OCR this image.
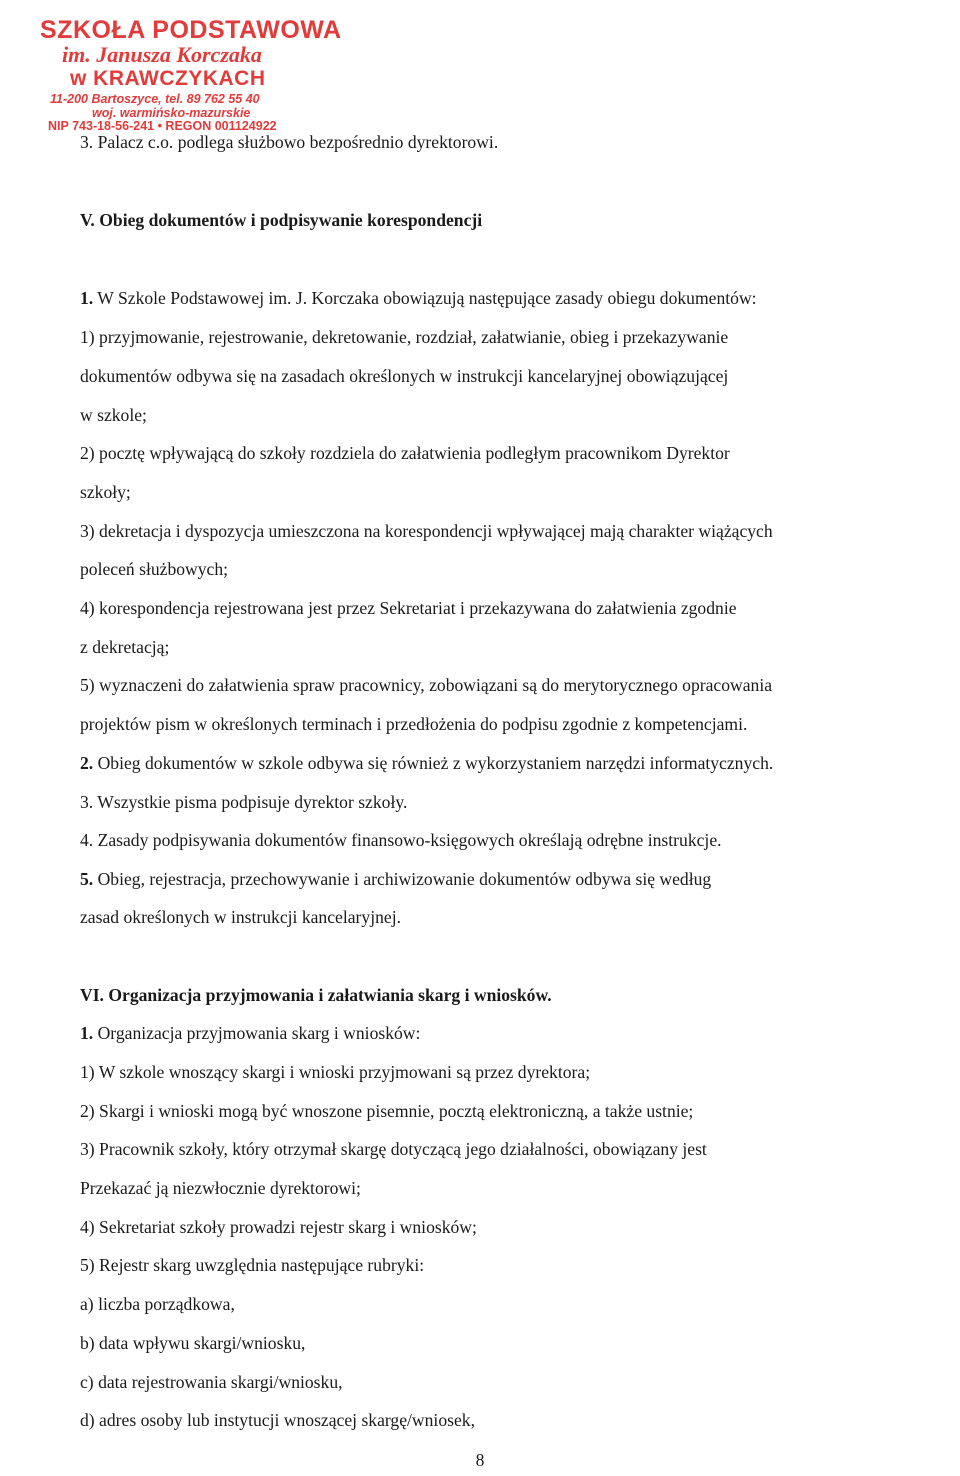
SZKOŁA PODSTAWOWA
im. Janusza Korczaka
w KRAWCZYKACH
11-200 Bartoszyce, tel. 89 762 55 40
woj. warmińsko-mazurskie
NIP 743-18-56-241 • REGON 001124922
3. Palacz c.o. podlega służbowo bezpośrednio dyrektorowi.
V. Obieg dokumentów i podpisywanie korespondencji
1. W Szkole Podstawowej im. J. Korczaka obowiązują następujące zasady obiegu dokumentów:
1) przyjmowanie, rejestrowanie, dekretowanie, rozdział, załatwianie, obieg i przekazywanie
dokumentów odbywa się na zasadach określonych w instrukcji kancelaryjnej obowiązującej
w szkole;
2) pocztę wpływającą do szkoły rozdziela do załatwienia podległym pracownikom Dyrektor
szkoły;
3) dekretacja i dyspozycja umieszczona na korespondencji wpływającej mają charakter wiążących
poleceń służbowych;
4) korespondencja rejestrowana jest przez Sekretariat i przekazywana do załatwienia zgodnie
z dekretacją;
5) wyznaczeni do załatwienia spraw pracownicy, zobowiązani są do merytorycznego opracowania
projektów pism w określonych terminach i przedłożenia do podpisu zgodnie z kompetencjami.
2. Obieg dokumentów w szkole odbywa się również z wykorzystaniem narzędzi informatycznych.
3. Wszystkie pisma podpisuje dyrektor szkoły.
4. Zasady podpisywania dokumentów finansowo-księgowych określają odrębne instrukcje.
5. Obieg, rejestracja, przechowywanie i archiwizowanie dokumentów odbywa się według
zasad określonych w instrukcji kancelaryjnej.
VI. Organizacja przyjmowania i załatwiania skarg i wniosków.
1. Organizacja przyjmowania skarg i wniosków:
1) W szkole wnoszący skargi i wnioski przyjmowani są przez dyrektora;
2) Skargi i wnioski mogą być wnoszone pisemnie, pocztą elektroniczną, a także ustnie;
3) Pracownik szkoły, który otrzymał skargę dotyczącą jego działalności, obowiązany jest
Przekazać ją niezwłocznie dyrektorowi;
4) Sekretariat szkoły prowadzi rejestr skarg i wniosków;
5) Rejestr skarg uwzględnia następujące rubryki:
a) liczba porządkowa,
b) data wpływu skargi/wniosku,
c) data rejestrowania skargi/wniosku,
d) adres osoby lub instytucji wnoszącej skargę/wniosek,
8
